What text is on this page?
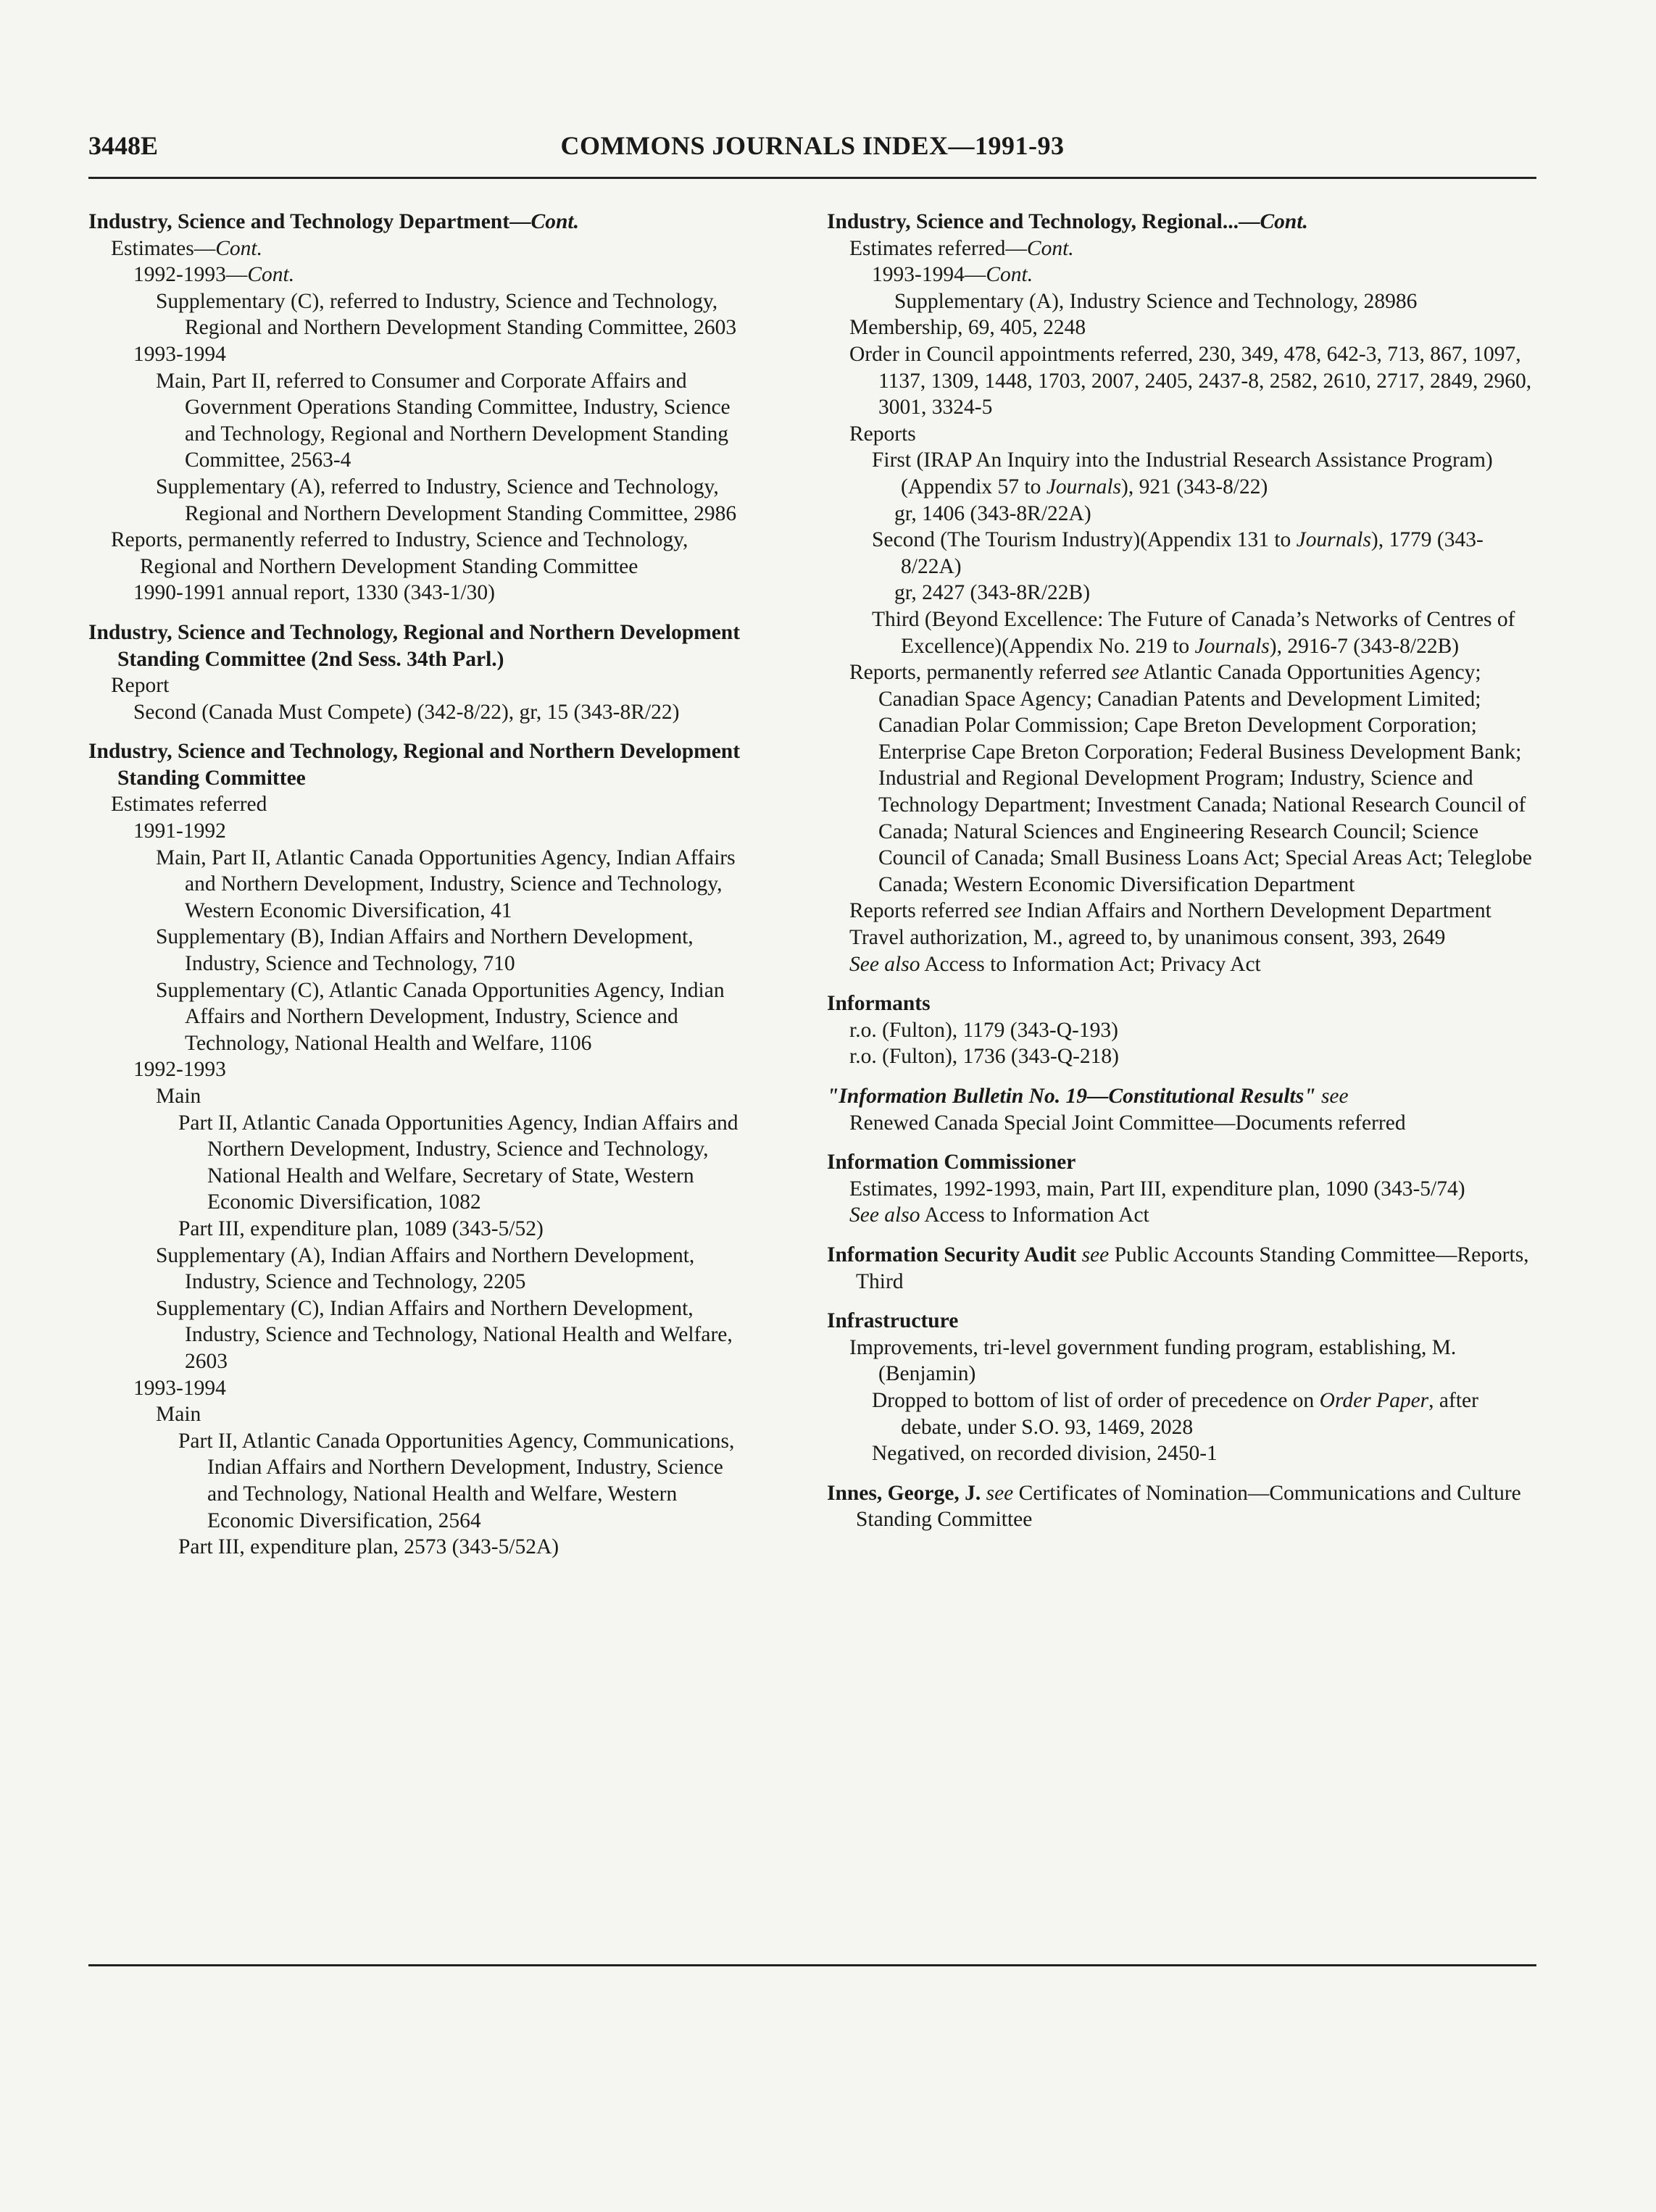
3448E	COMMONS JOURNALS INDEX—1991-93
Industry, Science and Technology Department—Cont.
Estimates—Cont.
1992-1993—Cont.
Supplementary (C), referred to Industry, Science and Technology, Regional and Northern Development Standing Committee, 2603
1993-1994
Main, Part II, referred to Consumer and Corporate Affairs and Government Operations Standing Committee, Industry, Science and Technology, Regional and Northern Development Standing Committee, 2563-4
Supplementary (A), referred to Industry, Science and Technology, Regional and Northern Development Standing Committee, 2986
Reports, permanently referred to Industry, Science and Technology, Regional and Northern Development Standing Committee
1990-1991 annual report, 1330 (343-1/30)
Industry, Science and Technology, Regional and Northern Development Standing Committee (2nd Sess. 34th Parl.)
Report
Second (Canada Must Compete) (342-8/22), gr, 15 (343-8R/22)
Industry, Science and Technology, Regional and Northern Development Standing Committee
Estimates referred
1991-1992
Main, Part II, Atlantic Canada Opportunities Agency, Indian Affairs and Northern Development, Industry, Science and Technology, Western Economic Diversification, 41
Supplementary (B), Indian Affairs and Northern Development, Industry, Science and Technology, 710
Supplementary (C), Atlantic Canada Opportunities Agency, Indian Affairs and Northern Development, Industry, Science and Technology, National Health and Welfare, 1106
1992-1993
Main
Part II, Atlantic Canada Opportunities Agency, Indian Affairs and Northern Development, Industry, Science and Technology, National Health and Welfare, Secretary of State, Western Economic Diversification, 1082
Part III, expenditure plan, 1089 (343-5/52)
Supplementary (A), Indian Affairs and Northern Development, Industry, Science and Technology, 2205
Supplementary (C), Indian Affairs and Northern Development, Industry, Science and Technology, National Health and Welfare, 2603
1993-1994
Main
Part II, Atlantic Canada Opportunities Agency, Communications, Indian Affairs and Northern Development, Industry, Science and Technology, National Health and Welfare, Western Economic Diversification, 2564
Part III, expenditure plan, 2573 (343-5/52A)
Industry, Science and Technology, Regional...—Cont.
Estimates referred—Cont.
1993-1994—Cont.
Supplementary (A), Industry Science and Technology, 28986
Membership, 69, 405, 2248
Order in Council appointments referred, 230, 349, 478, 642-3, 713, 867, 1097, 1137, 1309, 1448, 1703, 2007, 2405, 2437-8, 2582, 2610, 2717, 2849, 2960, 3001, 3324-5
Reports
First (IRAP An Inquiry into the Industrial Research Assistance Program) (Appendix 57 to Journals), 921 (343-8/22)
gr, 1406 (343-8R/22A)
Second (The Tourism Industry)(Appendix 131 to Journals), 1779 (343-8/22A)
gr, 2427 (343-8R/22B)
Third (Beyond Excellence: The Future of Canada’s Networks of Centres of Excellence)(Appendix No. 219 to Journals), 2916-7 (343-8/22B)
Reports, permanently referred see Atlantic Canada Opportunities Agency; Canadian Space Agency; Canadian Patents and Development Limited; Canadian Polar Commission; Cape Breton Development Corporation; Enterprise Cape Breton Corporation; Federal Business Development Bank; Industrial and Regional Development Program; Industry, Science and Technology Department; Investment Canada; National Research Council of Canada; Natural Sciences and Engineering Research Council; Science Council of Canada; Small Business Loans Act; Special Areas Act; Teleglobe Canada; Western Economic Diversification Department
Reports referred see Indian Affairs and Northern Development Department
Travel authorization, M., agreed to, by unanimous consent, 393, 2649
See also Access to Information Act; Privacy Act
Informants
r.o. (Fulton), 1179 (343-Q-193)
r.o. (Fulton), 1736 (343-Q-218)
"Information Bulletin No. 19—Constitutional Results" see
Renewed Canada Special Joint Committee—Documents referred
Information Commissioner
Estimates, 1992-1993, main, Part III, expenditure plan, 1090 (343-5/74)
See also Access to Information Act
Information Security Audit see Public Accounts Standing Committee—Reports, Third
Infrastructure
Improvements, tri-level government funding program, establishing, M. (Benjamin)
Dropped to bottom of list of order of precedence on Order Paper, after debate, under S.O. 93, 1469, 2028
Negatived, on recorded division, 2450-1
Innes, George, J. see Certificates of Nomination—Communications and Culture Standing Committee
